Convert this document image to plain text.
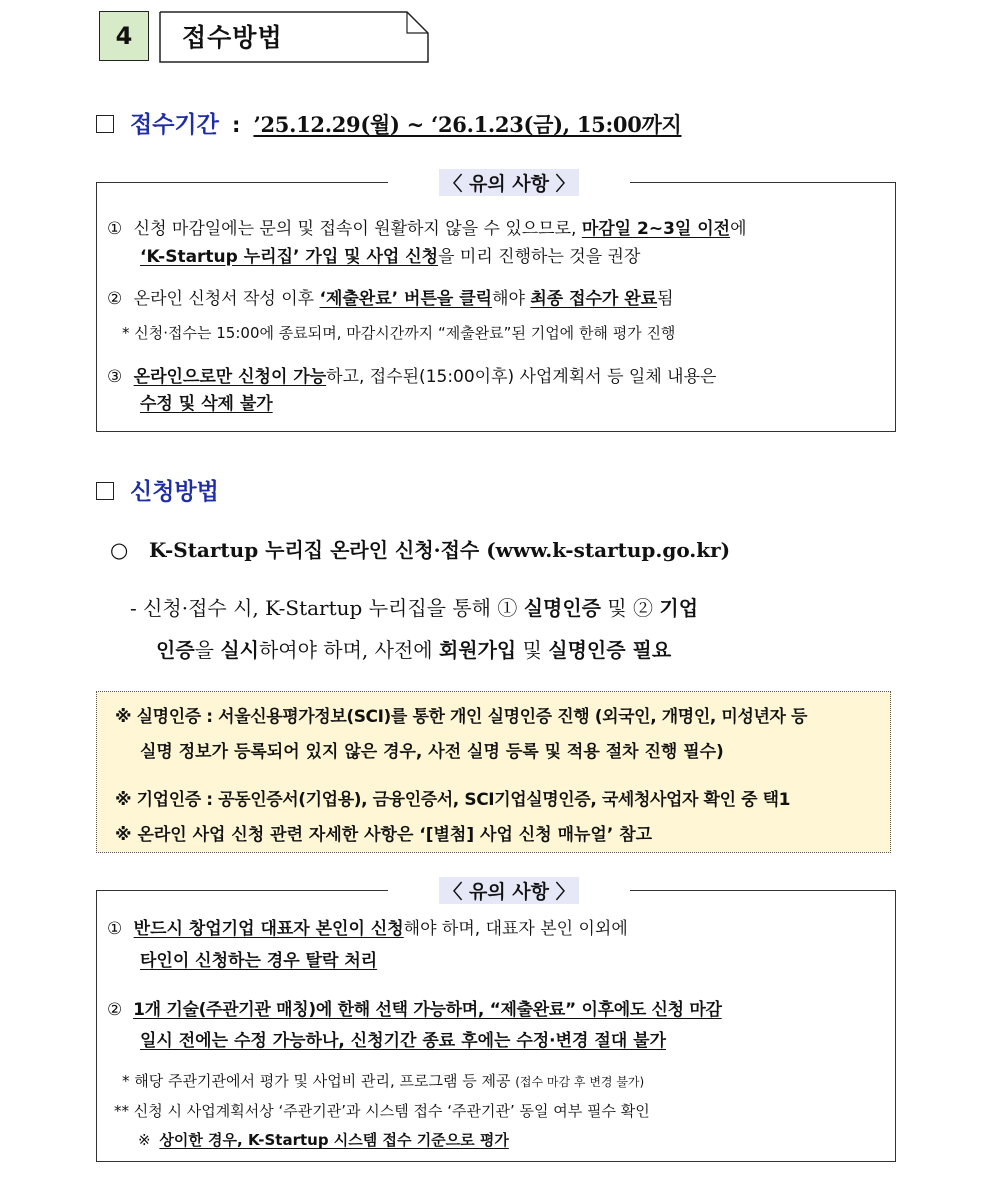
4 접수방법
접수기간 : ’25.12.29(월) ~ ‘26.1.23(금), 15:00까지
〈 유의 사항 〉
① 신청 마감일에는 문의 및 접속이 원활하지 않을 수 있으므로, 마감일 2~3일 이전에
‘K-Startup 누리집’ 가입 및 사업 신청을 미리 진행하는 것을 권장
② 온라인 신청서 작성 이후 ‘제출완료’ 버튼을 클릭해야 최종 접수가 완료됨
* 신청·접수는 15:00에 종료되며, 마감시간까지 “제출완료”된 기업에 한해 평가 진행
③ 온라인으로만 신청이 가능하고, 접수된(15:00이후) 사업계획서 등 일체 내용은
수정 및 삭제 불가
신청방법
○ K-Startup 누리집 온라인 신청·접수 (www.k-startup.go.kr)
- 신청·접수 시, K-Startup 누리집을 통해 ① 실명인증 및 ② 기업
인증을 실시하여야 하며, 사전에 회원가입 및 실명인증 필요
※ 실명인증 : 서울신용평가정보(SCI)를 통한 개인 실명인증 진행 (외국인, 개명인, 미성년자 등
실명 정보가 등록되어 있지 않은 경우, 사전 실명 등록 및 적용 절차 진행 필수)
※ 기업인증 : 공동인증서(기업용), 금융인증서, SCI기업실명인증, 국세청사업자 확인 중 택1
※ 온라인 사업 신청 관련 자세한 사항은 ‘[별첨] 사업 신청 매뉴얼’ 참고
〈 유의 사항 〉
① 반드시 창업기업 대표자 본인이 신청해야 하며, 대표자 본인 이외에
타인이 신청하는 경우 탈락 처리
② 1개 기술(주관기관 매칭)에 한해 선택 가능하며, “제출완료” 이후에도 신청 마감
일시 전에는 수정 가능하나, 신청기간 종료 후에는 수정·변경 절대 불가
* 해당 주관기관에서 평가 및 사업비 관리, 프로그램 등 제공 (접수 마감 후 변경 불가)
** 신청 시 사업계획서상 ‘주관기관’과 시스템 접수 ‘주관기관’ 동일 여부 필수 확인
※ 상이한 경우, K-Startup 시스템 접수 기준으로 평가
